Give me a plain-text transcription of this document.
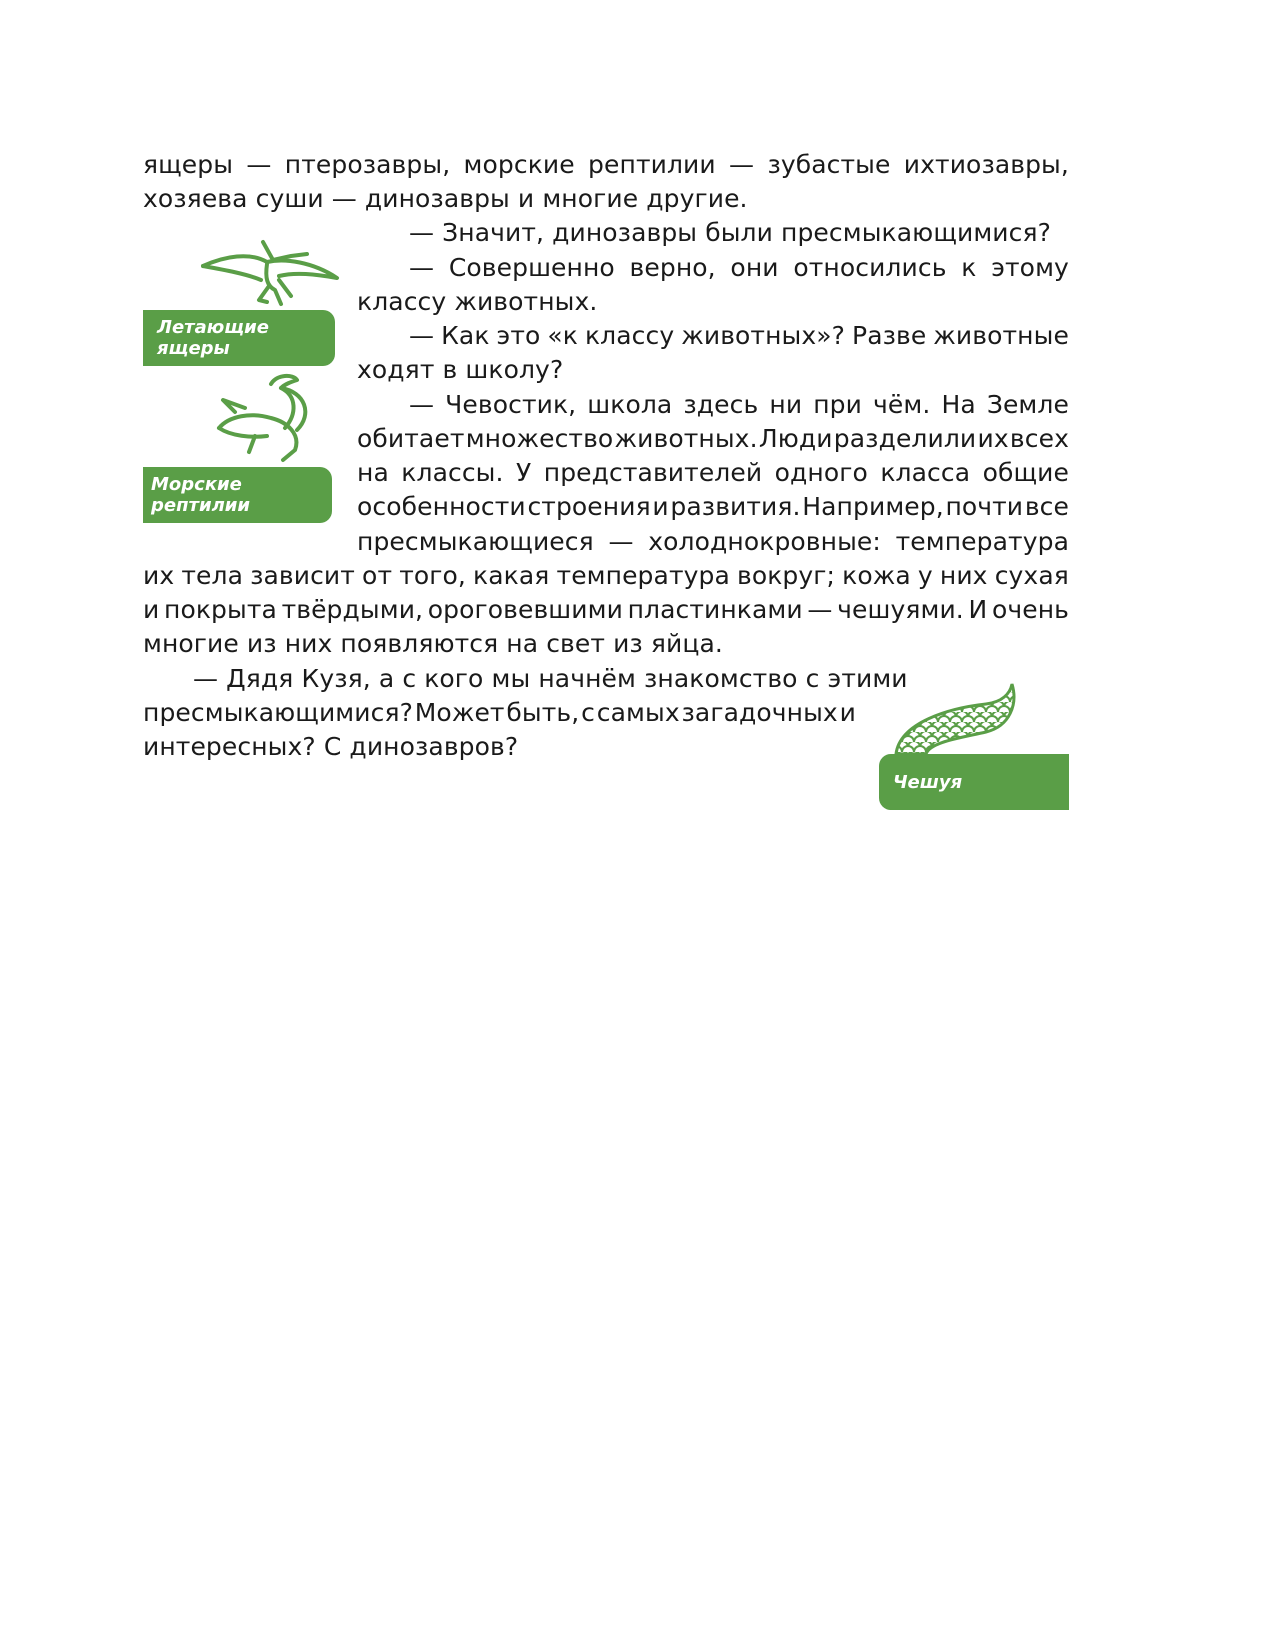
ящеры — птерозавры, морские рептилии — зубастые ихтиозавры,
хозяева суши — динозавры и многие другие.
— Значит, динозавры были пресмыкающимися?
— Совершенно верно, они относились к этому
классу животных.
— Как это «к классу животных»? Разве животные
ходят в школу?
— Чевостик, школа здесь ни при чём. На Земле
обитает множество животных. Люди разделили их всех
на классы. У представителей одного класса общие
особенности строения и развития. Например, почти все
пресмыкающиеся — холоднокровные: температура
их тела зависит от того, какая температура вокруг; кожа у них сухая
и покрыта твёрдыми, ороговевшими пластинками — чешуями. И очень
многие из них появляются на свет из яйца.
— Дядя Кузя, а с кого мы начнём знакомство с этими
пресмыкающимися? Может быть, с самых загадочных и
интересных? С динозавров?
Летающие ящеры
Морские рептилии
Чешуя
